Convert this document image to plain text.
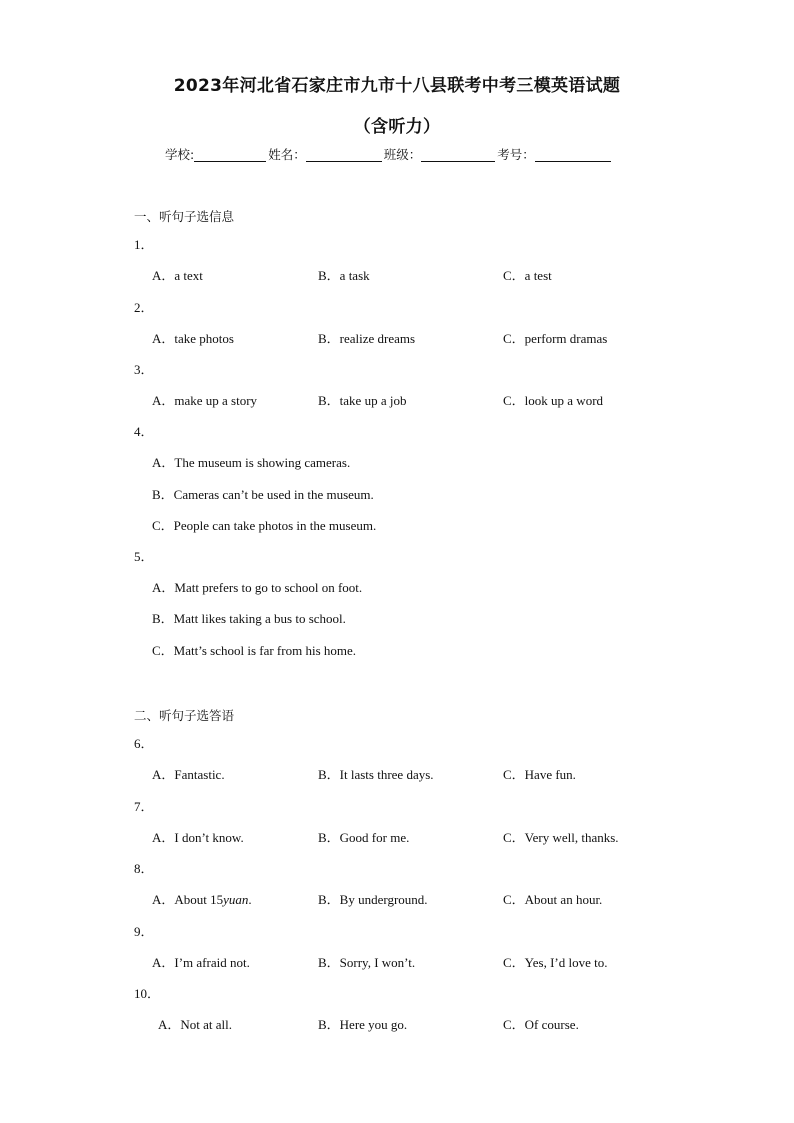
2023年河北省石家庄市九市十八县联考中考三模英语试题
（含听力）
学校:	姓名：	班级：	考号：
一、听句子选信息
1．
A．a text	B．a task	C．a test
2．
A．take photos	B．realize dreams	C．perform dramas
3．
A．make up a story	B．take up a job	C．look up a word
4．
A．The museum is showing cameras.
B．Cameras can’t be used in the museum.
C．People can take photos in the museum.
5．
A．Matt prefers to go to school on foot.
B．Matt likes taking a bus to school.
C．Matt’s school is far from his home.
二、听句子选答语
6．
A．Fantastic.	B．It lasts three days.	C．Have fun.
7．
A．I don’t know.	B．Good for me.	C．Very well, thanks.
8．
A．About 15yuan.	B．By underground.	C．About an hour.
9．
A．I’m afraid not.	B．Sorry, I won’t.	C．Yes, I’d love to.
10．
A．Not at all.	B．Here you go.	C．Of course.
